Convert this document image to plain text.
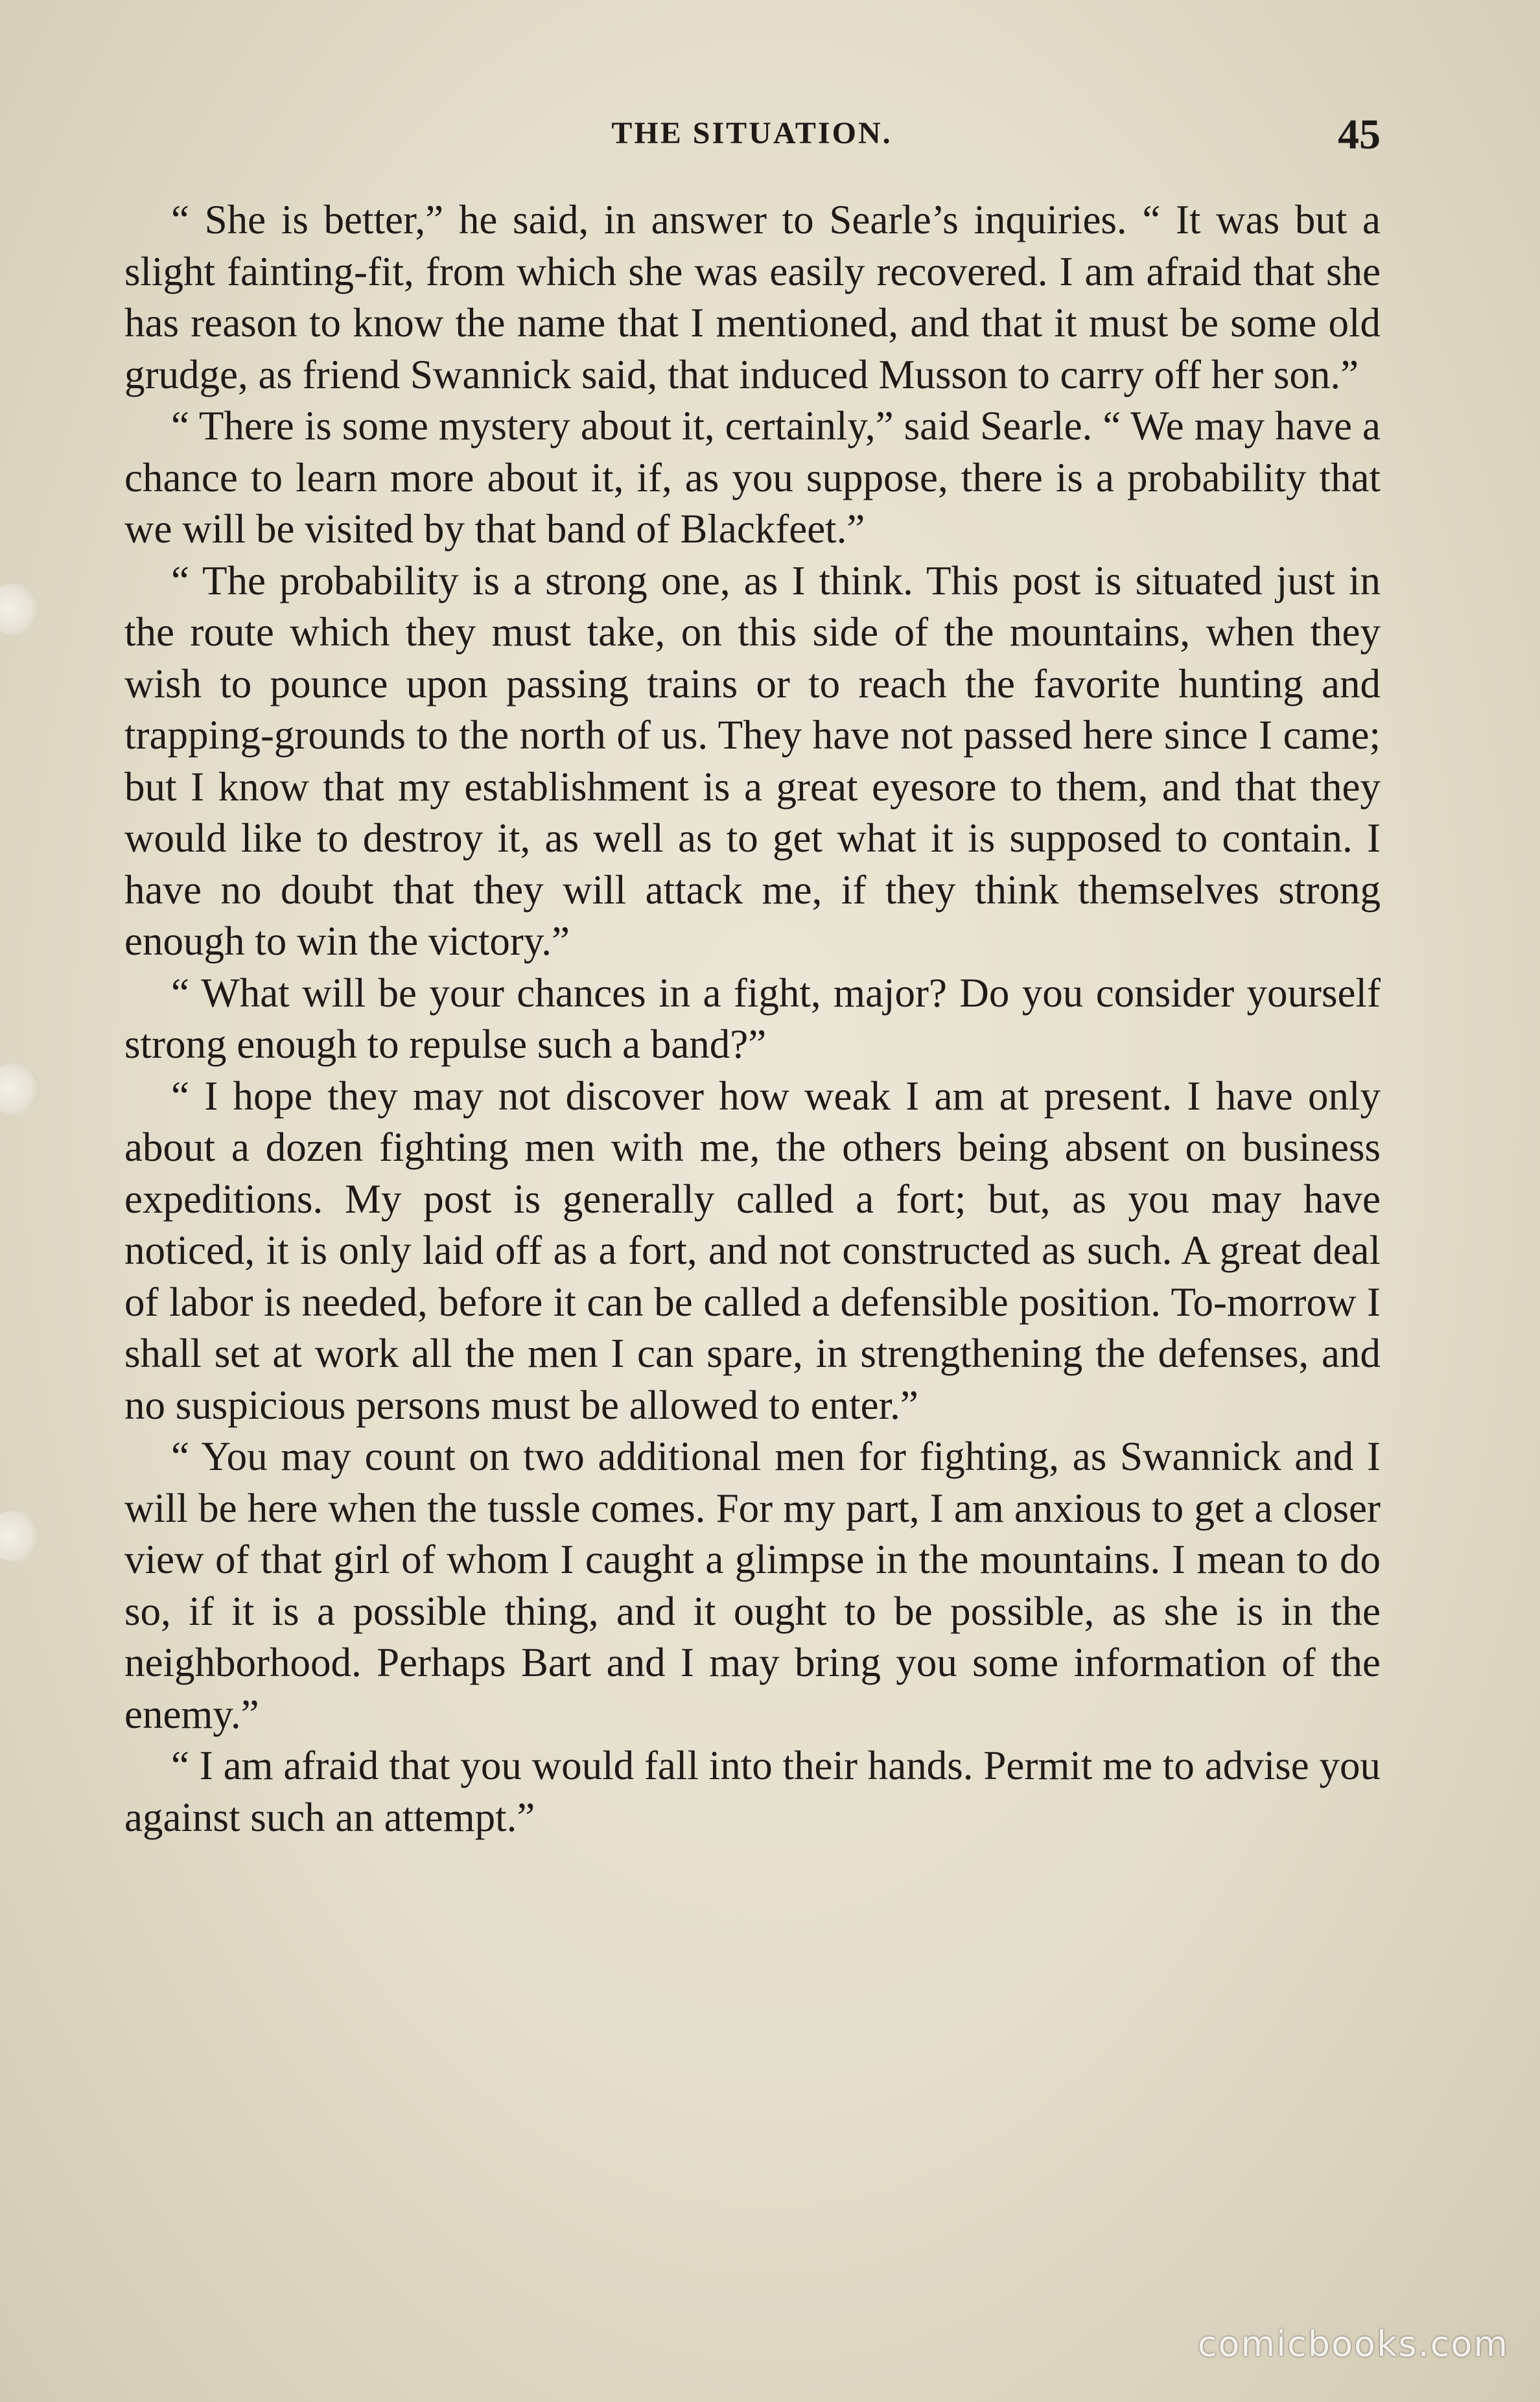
THE SITUATION.	45

“ She is better,” he said, in answer to Searle’s inquiries. “ It was but a slight fainting-fit, from which she was easily recovered. I am afraid that she has reason to know the name that I mentioned, and that it must be some old grudge, as friend Swannick said, that induced Musson to carry off her son.”

“ There is some mystery about it, certainly,” said Searle. “ We may have a chance to learn more about it, if, as you suppose, there is a probability that we will be visited by that band of Blackfeet.”

“ The probability is a strong one, as I think. This post is situated just in the route which they must take, on this side of the mountains, when they wish to pounce upon passing trains or to reach the favorite hunting and trapping-grounds to the north of us. They have not passed here since I came; but I know that my establishment is a great eyesore to them, and that they would like to destroy it, as well as to get what it is supposed to contain. I have no doubt that they will attack me, if they think themselves strong enough to win the victory.”

“ What will be your chances in a fight, major? Do you consider yourself strong enough to repulse such a band?”

“ I hope they may not discover how weak I am at present. I have only about a dozen fighting men with me, the others being absent on business expeditions. My post is generally called a fort; but, as you may have noticed, it is only laid off as a fort, and not constructed as such. A great deal of labor is needed, before it can be called a defensible position. To-morrow I shall set at work all the men I can spare, in strengthening the defenses, and no suspicious persons must be allowed to enter.”

“ You may count on two additional men for fighting, as Swannick and I will be here when the tussle comes. For my part, I am anxious to get a closer view of that girl of whom I caught a glimpse in the mountains. I mean to do so, if it is a possible thing, and it ought to be possible, as she is in the neighborhood. Perhaps Bart and I may bring you some information of the enemy.”

“ I am afraid that you would fall into their hands. Permit me to advise you against such an attempt.”

comicbooks.com
